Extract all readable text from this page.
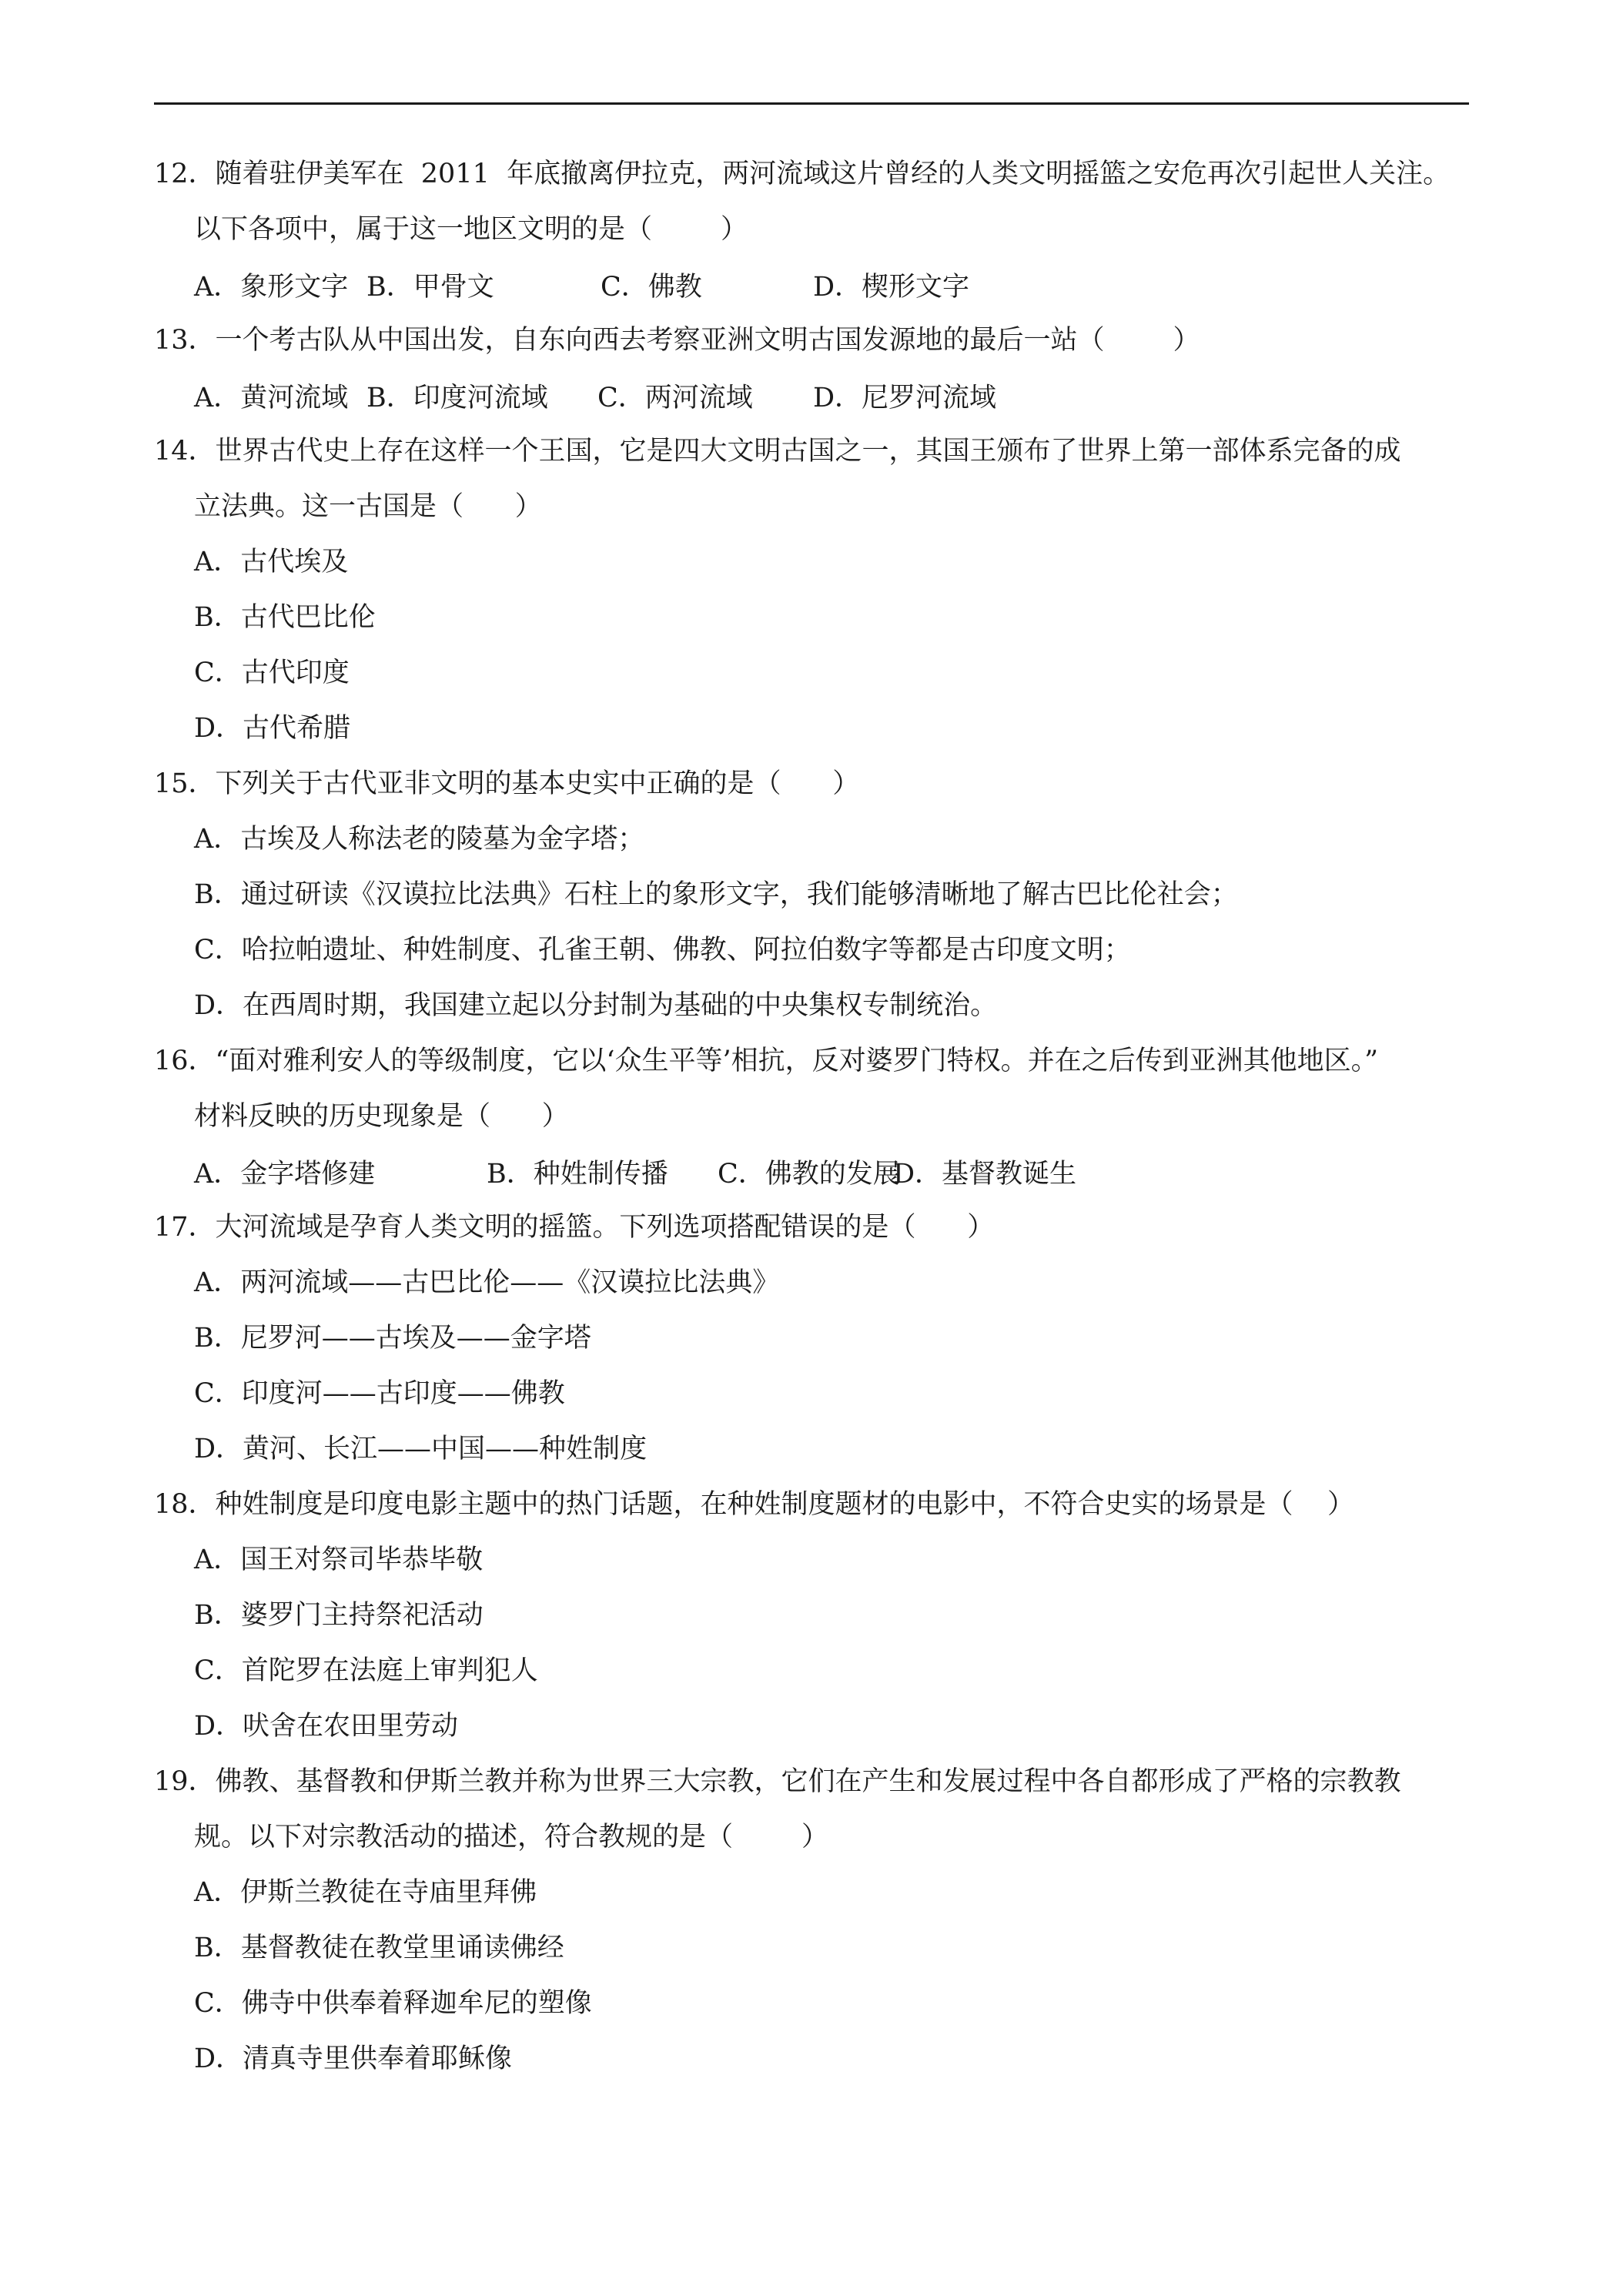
12．随着驻伊美军在  2011  年底撤离伊拉克，两河流域这片曾经的人类文明摇篮之安危再次引起世人关注。
以下各项中，属于这一地区文明的是（        ）
A．象形文字 B．甲骨文	C．佛教	D．楔形文字
13．一个考古队从中国出发，自东向西去考察亚洲文明古国发源地的最后一站（        ）
A．黄河流域 B．印度河流域	C．两河流域	D．尼罗河流域
14．世界古代史上存在这样一个王国，它是四大文明古国之一，其国王颁布了世界上第一部体系完备的成
立法典。这一古国是（      ）
A．古代埃及
B．古代巴比伦
C．古代印度
D．古代希腊
15．下列关于古代亚非文明的基本史实中正确的是（      ）
A．古埃及人称法老的陵墓为金字塔；
B．通过研读《汉谟拉比法典》石柱上的象形文字，我们能够清晰地了解古巴比伦社会；
C．哈拉帕遗址、种姓制度、孔雀王朝、佛教、阿拉伯数字等都是古印度文明；
D．在西周时期，我国建立起以分封制为基础的中央集权专制统治。
16．“面对雅利安人的等级制度，它以‘众生平等’相抗，反对婆罗门特权。并在之后传到亚洲其他地区。”
材料反映的历史现象是（      ）
A．金字塔修建	B．种姓制传播	C．佛教的发展
D．基督教诞生
17．大河流域是孕育人类文明的摇篮。下列选项搭配错误的是（      ）
A．两河流域——古巴比伦——《汉谟拉比法典》
B．尼罗河——古埃及——金字塔
C．印度河——古印度——佛教
D．黄河、长江——中国——种姓制度
18．种姓制度是印度电影主题中的热门话题，在种姓制度题材的电影中，不符合史实的场景是（    ）
A．国王对祭司毕恭毕敬
B．婆罗门主持祭祀活动
C．首陀罗在法庭上审判犯人
D．吠舍在农田里劳动
19．佛教、基督教和伊斯兰教并称为世界三大宗教，它们在产生和发展过程中各自都形成了严格的宗教教
规。以下对宗教活动的描述，符合教规的是（        ）
A．伊斯兰教徒在寺庙里拜佛
B．基督教徒在教堂里诵读佛经
C．佛寺中供奉着释迦牟尼的塑像
D．清真寺里供奉着耶稣像
